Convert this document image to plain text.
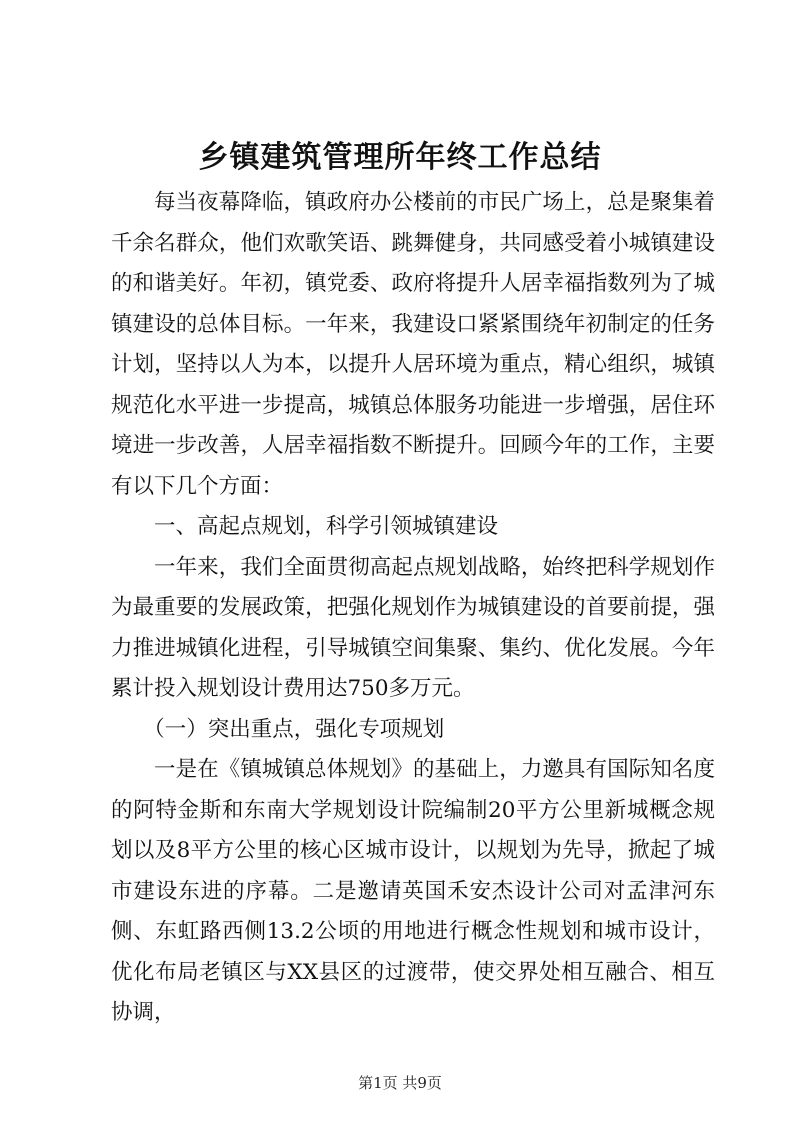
乡镇建筑管理所年终工作总结

每当夜幕降临，镇政府办公楼前的市民广场上，总是聚集着千余名群众，他们欢歌笑语、跳舞健身，共同感受着小城镇建设的和谐美好。年初，镇党委、政府将提升人居幸福指数列为了城镇建设的总体目标。一年来，我建设口紧紧围绕年初制定的任务计划，坚持以人为本，以提升人居环境为重点，精心组织，城镇规范化水平进一步提高，城镇总体服务功能进一步增强，居住环境进一步改善，人居幸福指数不断提升。回顾今年的工作，主要有以下几个方面：

一、高起点规划，科学引领城镇建设

一年来，我们全面贯彻高起点规划战略，始终把科学规划作为最重要的发展政策，把强化规划作为城镇建设的首要前提，强力推进城镇化进程，引导城镇空间集聚、集约、优化发展。今年累计投入规划设计费用达750多万元。

（一）突出重点，强化专项规划

一是在《镇城镇总体规划》的基础上，力邀具有国际知名度的阿特金斯和东南大学规划设计院编制20平方公里新城概念规划以及8平方公里的核心区城市设计，以规划为先导，掀起了城市建设东进的序幕。二是邀请英国禾安杰设计公司对孟津河东侧、东虹路西侧13.2公顷的用地进行概念性规划和城市设计，优化布局老镇区与XX县区的过渡带，使交界处相互融合、相互协调，

第1页 共9页
